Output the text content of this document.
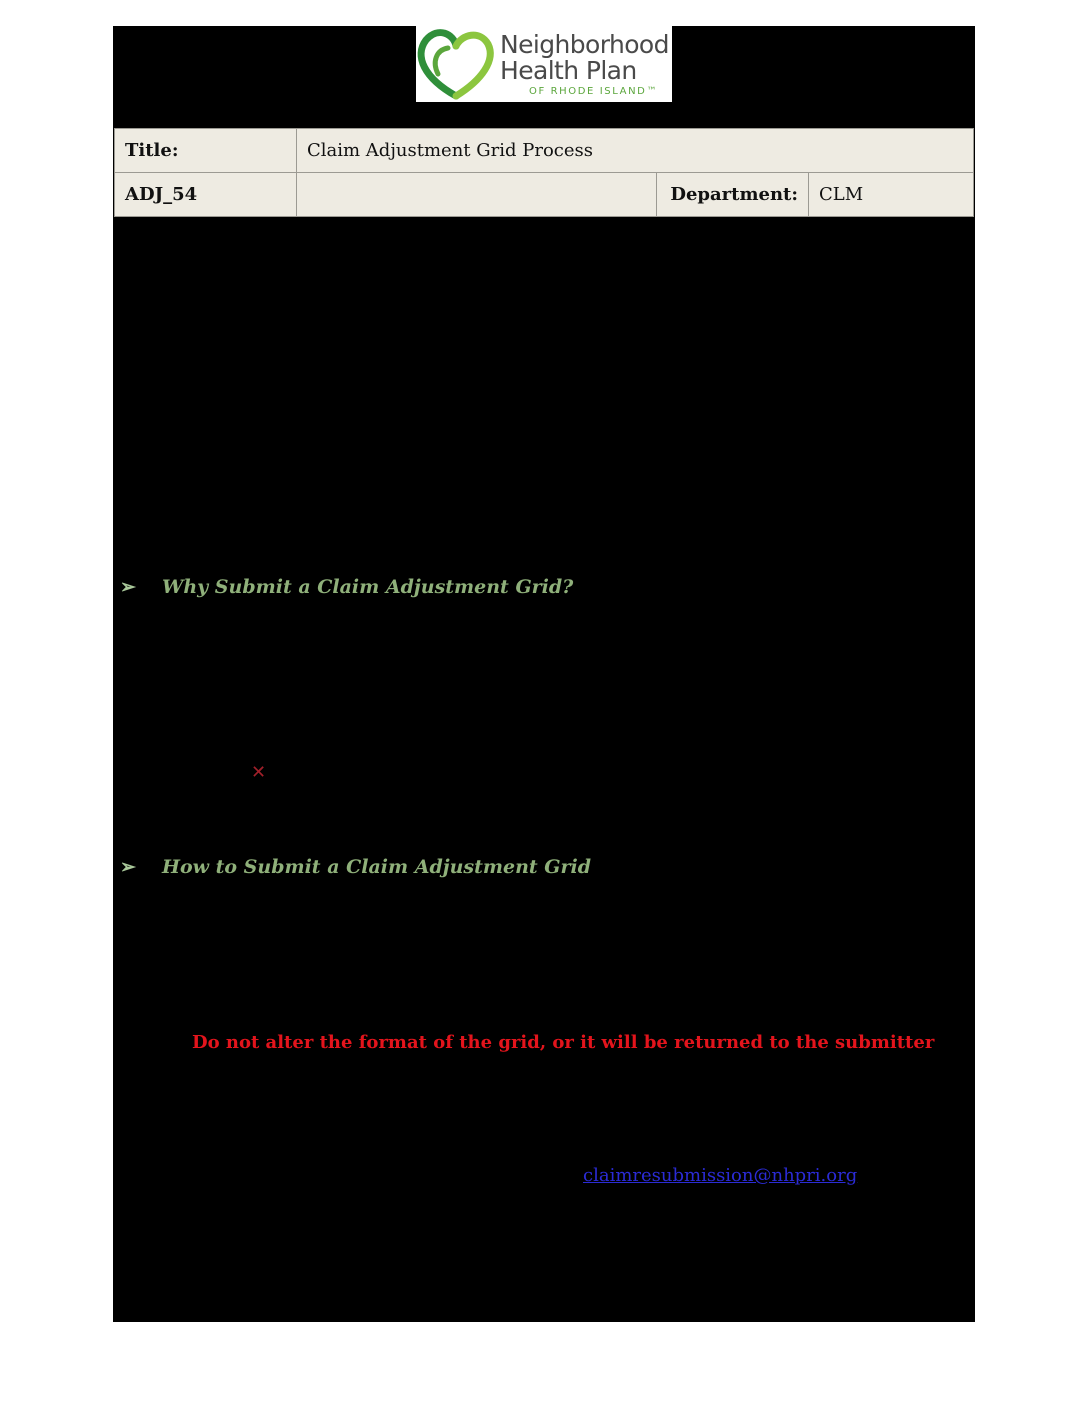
Neighborhood
Health Plan
OF RHODE ISLAND™
Title:	Claim Adjustment Grid Process		
ADJ_54		Department:	CLM
➢ Why Submit a Claim Adjustment Grid?
✕
➢ How to Submit a Claim Adjustment Grid
Do not alter the format of the grid, or it will be returned to the submitter
claimresubmission@nhpri.org
